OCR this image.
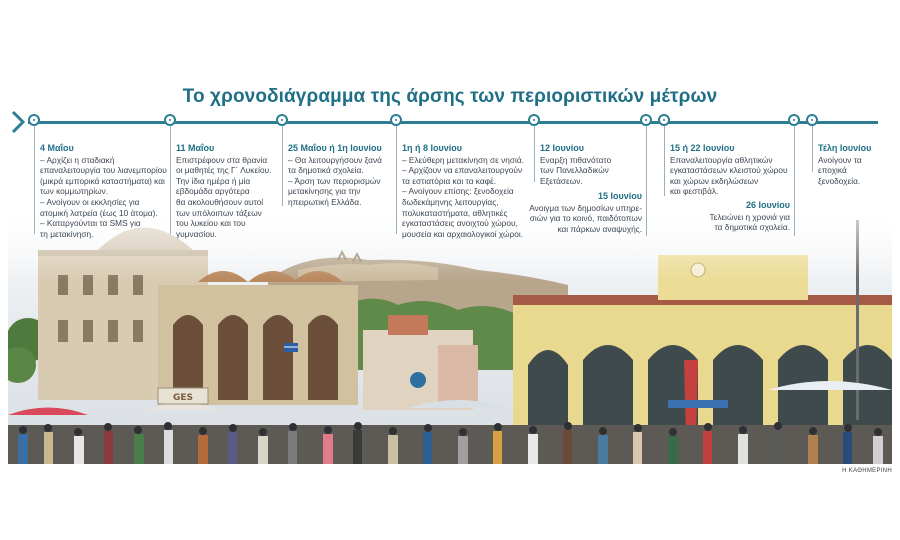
Το χρονοδιάγραμμα της άρσης των περιοριστικών μέτρων
GES
4 Μαΐου
– Αρχίζει η σταδιακή
επαναλειτουργία του λιανεμπορίου
(μικρά εμπορικά καταστήματα) και
των κομμωτηρίων.
– Ανοίγουν οι εκκλησίες για
ατομική λατρεία (έως 10 άτομα).
– Καταργούνται τα SMS για
τη μετακίνηση.
11 Μαΐου
Επιστρέφουν στα θρανία
οι μαθητές της Γ΄ Λυκείου.
Την ίδια ημέρα ή μία
εβδομάδα αργότερα
θα ακολουθήσουν αυτοί
των υπόλοιπων τάξεων
του λυκείου και του
γυμνασίου.
25 Μαΐου ή 1η Ιουνίου
– Θα λειτουργήσουν ξανά
τα δημοτικά σχολεία.
– Άρση των περιορισμών
μετακίνησης για την
ηπειρωτική Ελλάδα.
1η ή 8 Ιουνίου
– Ελεύθερη μετακίνηση σε νησιά.
– Αρχίζουν να επαναλειτουργούν
τα εστιατόρια και τα καφέ.
– Ανοίγουν επίσης: ξενοδοχεία
δωδεκάμηνης λειτουργίας,
πολυκαταστήματα, αθλητικές
εγκαταστάσεις ανοιχτού χώρου,
μουσεία και αρχαιολογικοί χώροι.
12 Ιουνίου
Εναρξη πιθανότατο
των Πανελλαδικών
Εξετάσεων.
15 Ιουνίου
Ανοιγμα των δημοσίων υπηρε-
σιών για το κοινό, παιδότοπων
και πάρκων αναψυχής.
15 ή 22 Ιουνίου
Επαναλειτουργία αθλητικών
εγκαταστάσεων κλειστού χώρου
και χώρων εκδηλώσεων
και φεστιβάλ.
26 Ιουνίου
Τελειώνει η χρονιά για
τα δημοτικά σχολεία.
Τέλη Ιουνίου
Ανοίγουν τα εποχικά
ξενοδοχεία.
Η ΚΑΘΗΜΕΡΙΝΗ
